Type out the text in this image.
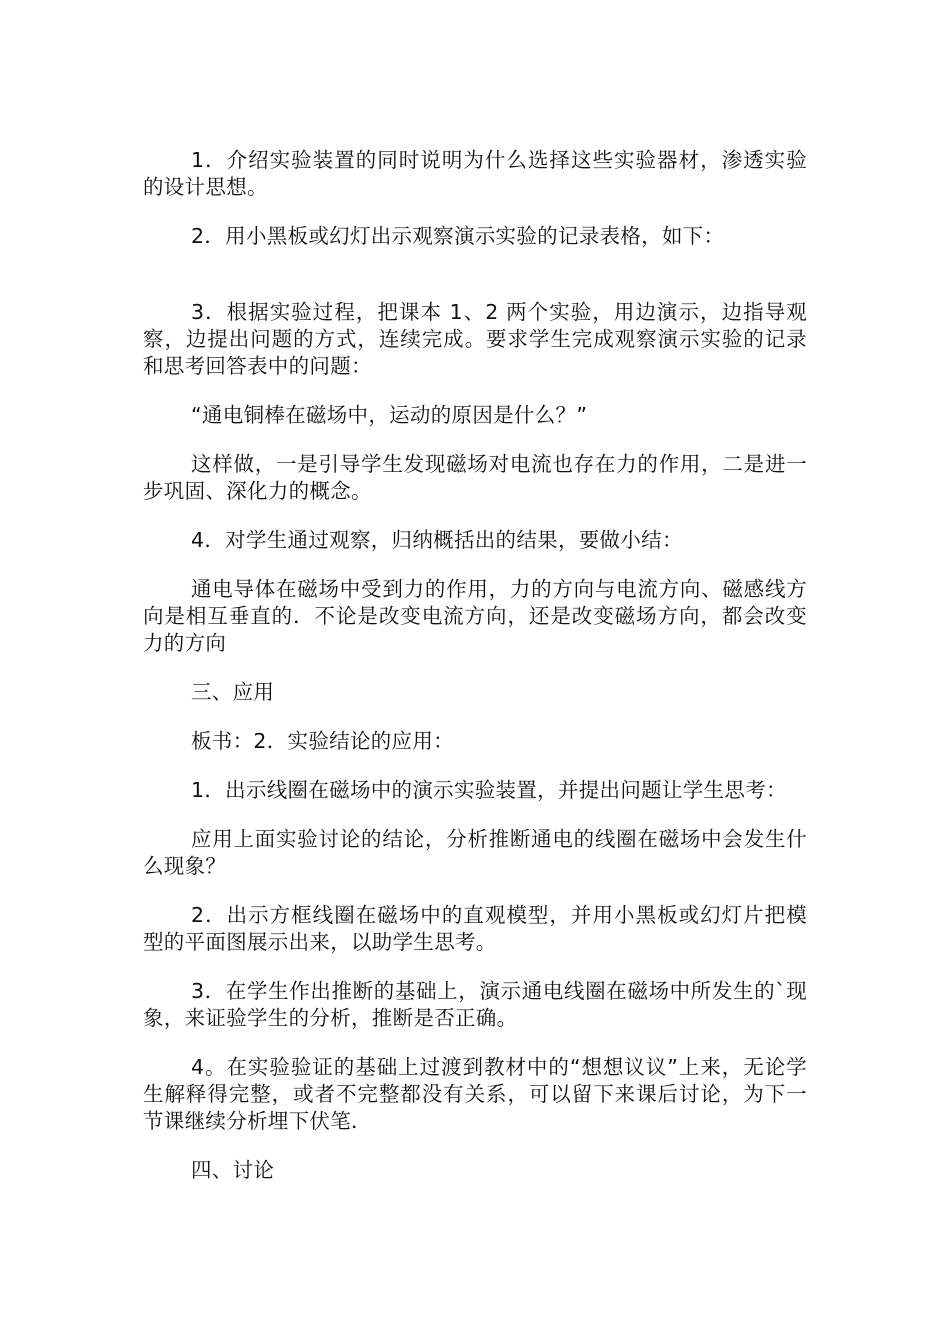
1．介绍实验装置的同时说明为什么选择这些实验器材，渗透实验的设计思想。

2．用小黑板或幻灯出示观察演示实验的记录表格，如下：

3．根据实验过程，把课本 1、2 两个实验，用边演示，边指导观察，边提出问题的方式，连续完成。要求学生完成观察演示实验的记录和思考回答表中的问题：

“通电铜棒在磁场中，运动的原因是什么？”

这样做，一是引导学生发现磁场对电流也存在力的作用，二是进一步巩固、深化力的概念。

4．对学生通过观察，归纳概括出的结果，要做小结：

通电导体在磁场中受到力的作用，力的方向与电流方向、磁感线方向是相互垂直的．不论是改变电流方向，还是改变磁场方向，都会改变力的方向

三、应用

板书：2．实验结论的应用：

1．出示线圈在磁场中的演示实验装置，并提出问题让学生思考：

应用上面实验讨论的结论，分析推断通电的线圈在磁场中会发生什么现象？

2．出示方框线圈在磁场中的直观模型，并用小黑板或幻灯片把模型的平面图展示出来，以助学生思考。

3．在学生作出推断的基础上，演示通电线圈在磁场中所发生的`现象，来证验学生的分析，推断是否正确。

4。在实验验证的基础上过渡到教材中的“想想议议”上来，无论学生解释得完整，或者不完整都没有关系，可以留下来课后讨论，为下一节课继续分析埋下伏笔．

四、讨论
